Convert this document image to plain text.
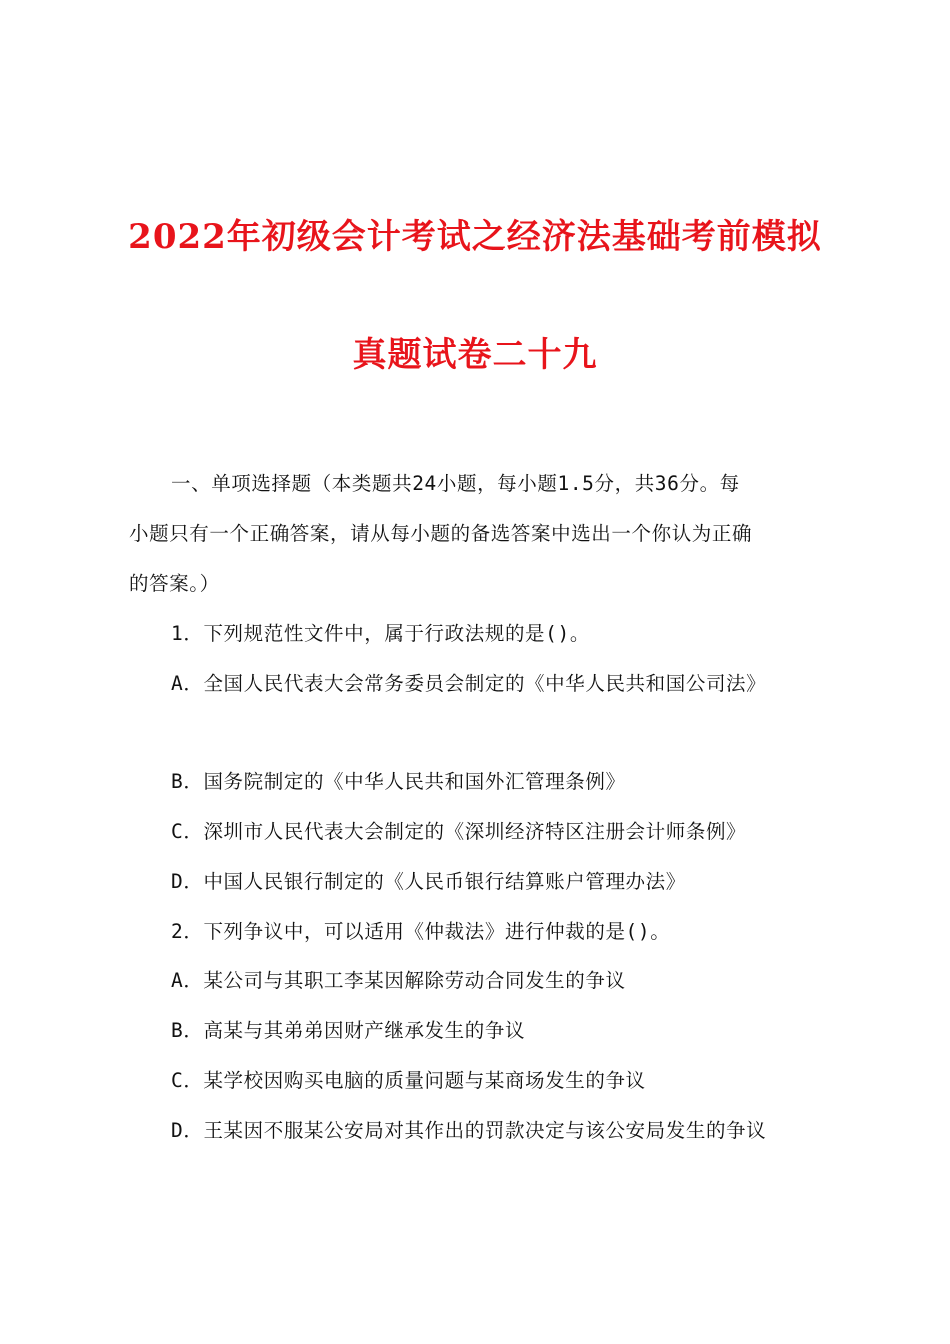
2022年初级会计考试之经济法基础考前模拟
真题试卷二十九
一、单项选择题（本类题共24小题，每小题1.5分，共36分。每
小题只有一个正确答案，请从每小题的备选答案中选出一个你认为正确
的答案。）
1．下列规范性文件中，属于行政法规的是()。
A．全国人民代表大会常务委员会制定的《中华人民共和国公司法》
B．国务院制定的《中华人民共和国外汇管理条例》
C．深圳市人民代表大会制定的《深圳经济特区注册会计师条例》
D．中国人民银行制定的《人民币银行结算账户管理办法》
2．下列争议中，可以适用《仲裁法》进行仲裁的是()。
A．某公司与其职工李某因解除劳动合同发生的争议
B．高某与其弟弟因财产继承发生的争议
C．某学校因购买电脑的质量问题与某商场发生的争议
D．王某因不服某公安局对其作出的罚款决定与该公安局发生的争议
